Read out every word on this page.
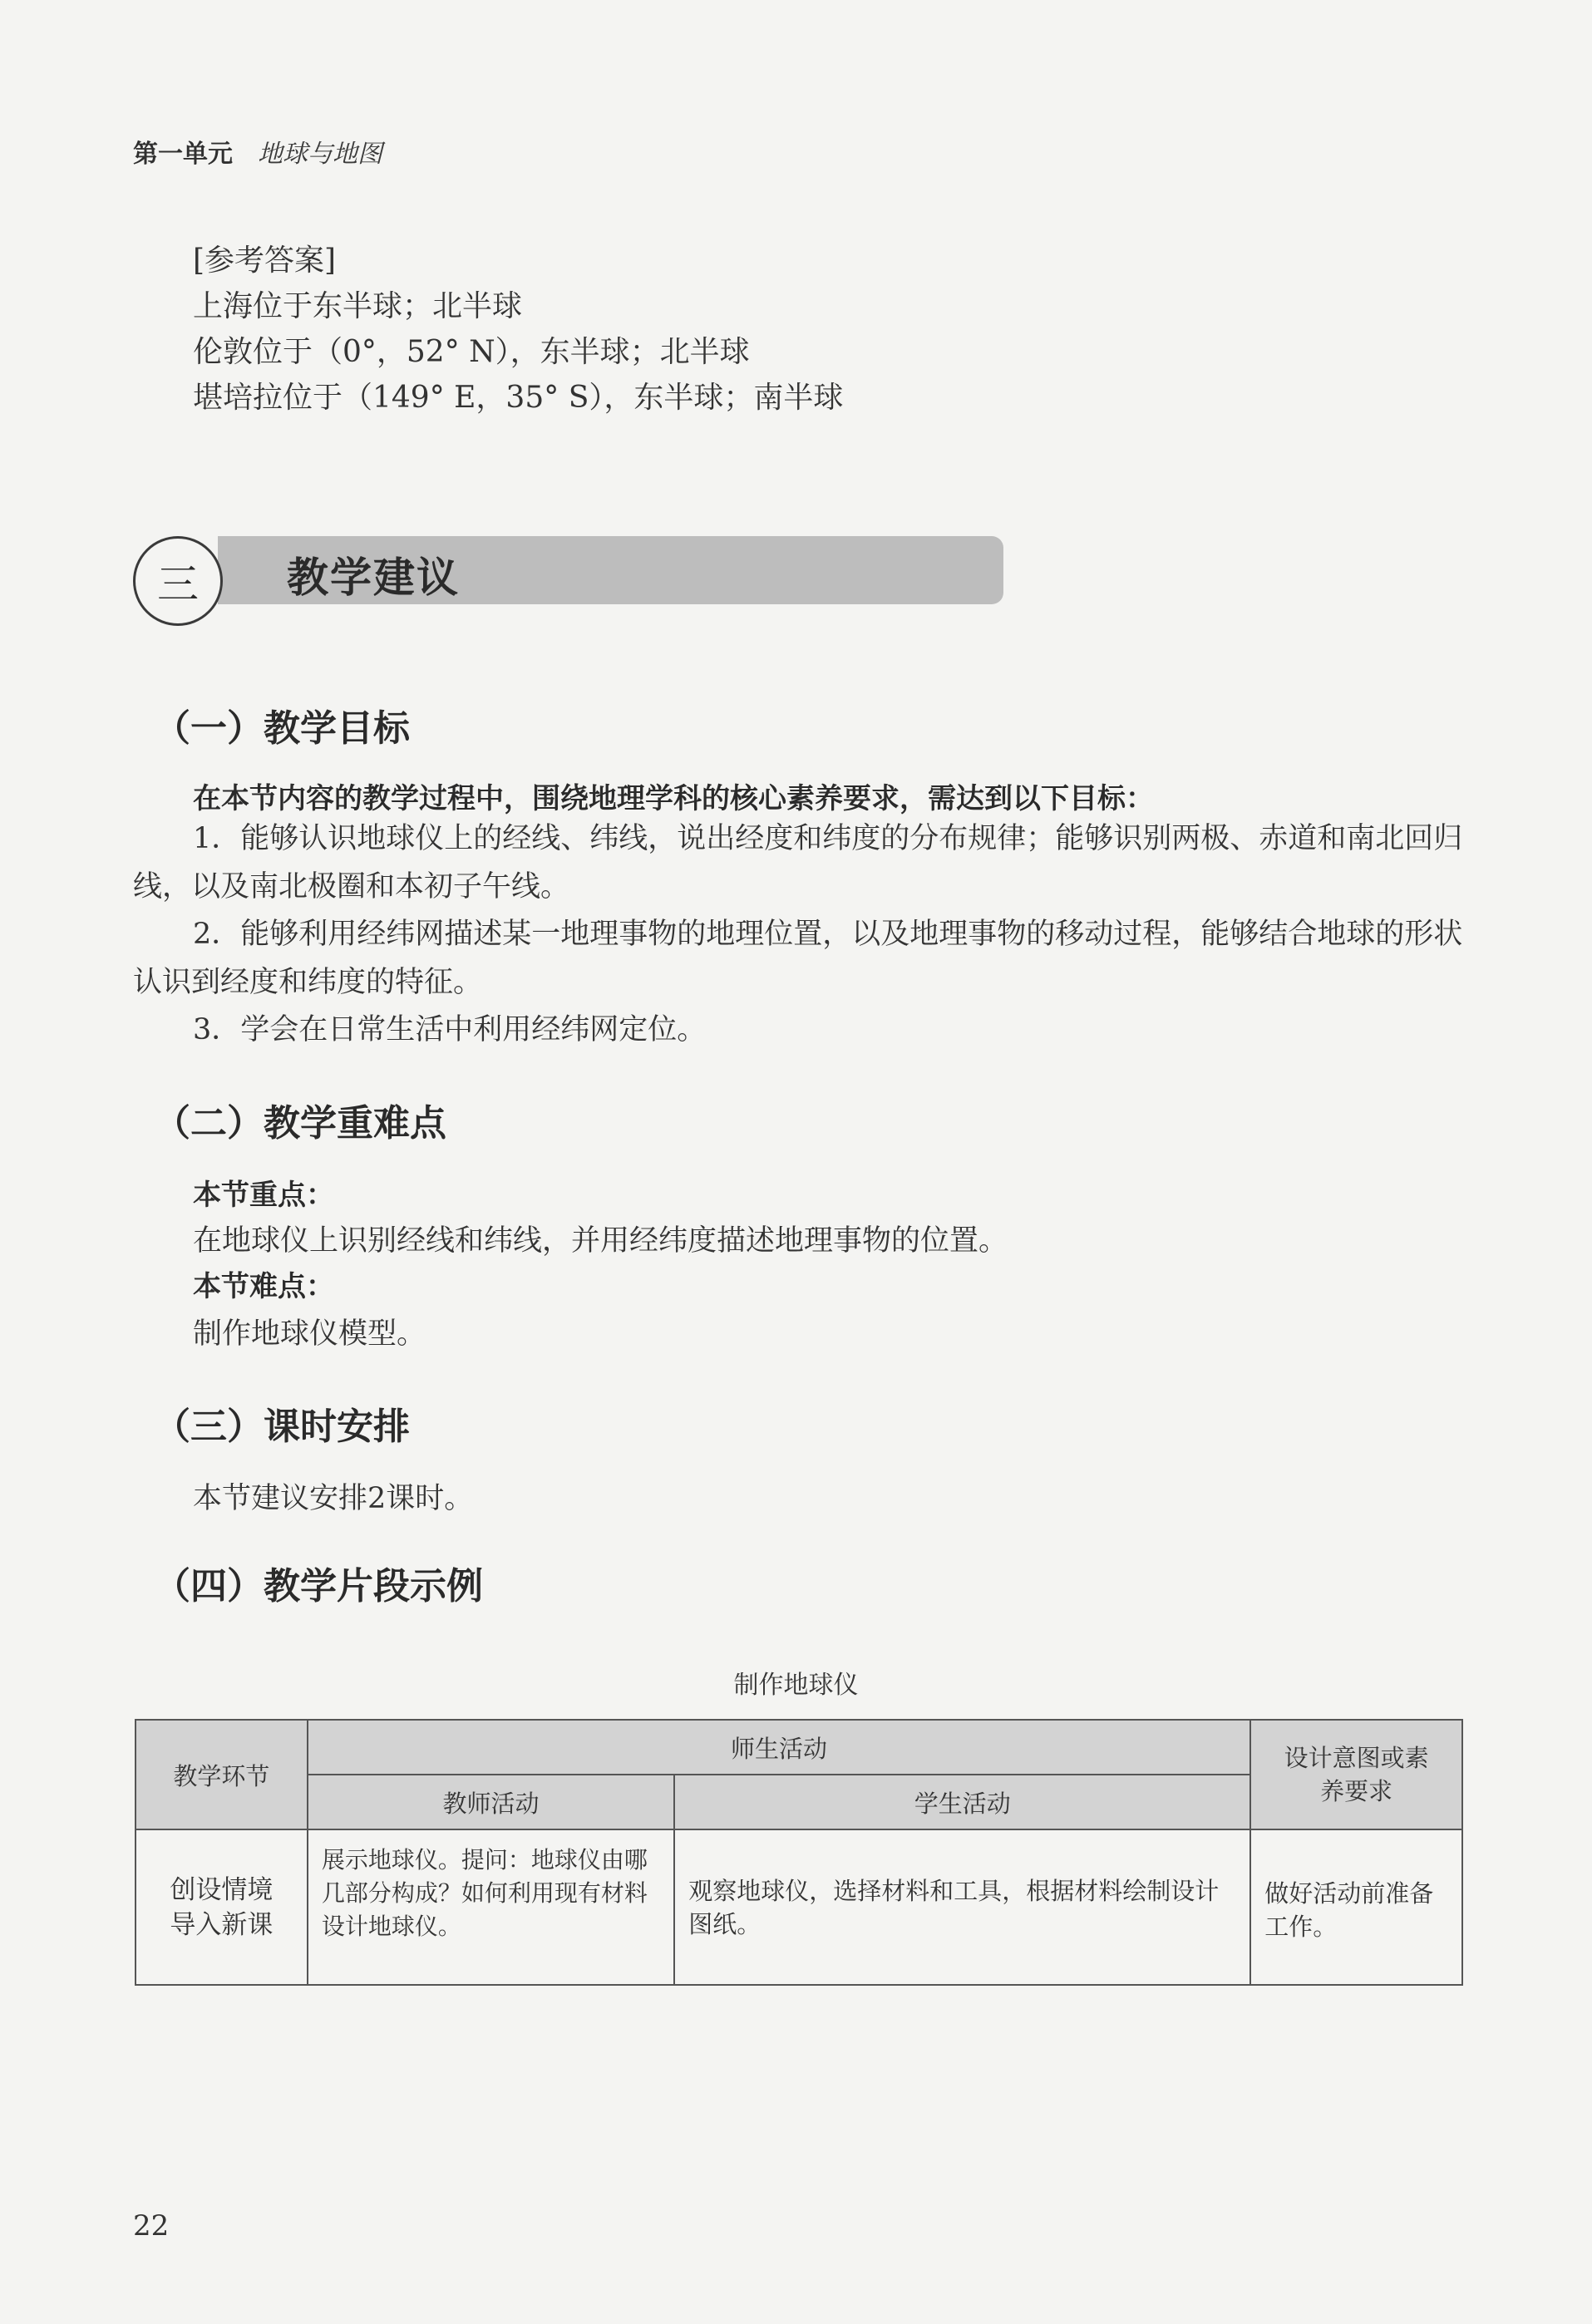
第一单元 地球与地图
[参考答案]
上海位于东半球；北半球
伦敦位于（0°，52° N），东半球；北半球
堪培拉位于（149° E，35° S），东半球；南半球
三 教学建议
（一）教学目标
在本节内容的教学过程中，围绕地理学科的核心素养要求，需达到以下目标：
1．能够认识地球仪上的经线、纬线，说出经度和纬度的分布规律；能够识别两极、赤道和南北回归线，以及南北极圈和本初子午线。
2．能够利用经纬网描述某一地理事物的地理位置，以及地理事物的移动过程，能够结合地球的形状认识到经度和纬度的特征。
3．学会在日常生活中利用经纬网定位。
（二）教学重难点
本节重点：
在地球仪上识别经线和纬线，并用经纬度描述地理事物的位置。
本节难点：
制作地球仪模型。
（三）课时安排
本节建议安排2课时。
（四）教学片段示例
制作地球仪
教学环节	师生活动		设计意图或素养要求
	教师活动	学生活动	
创设情境导入新课	展示地球仪。提问：地球仪由哪几部分构成？如何利用现有材料设计地球仪。	观察地球仪，选择材料和工具，根据材料绘制设计图纸。	做好活动前准备工作。
22
